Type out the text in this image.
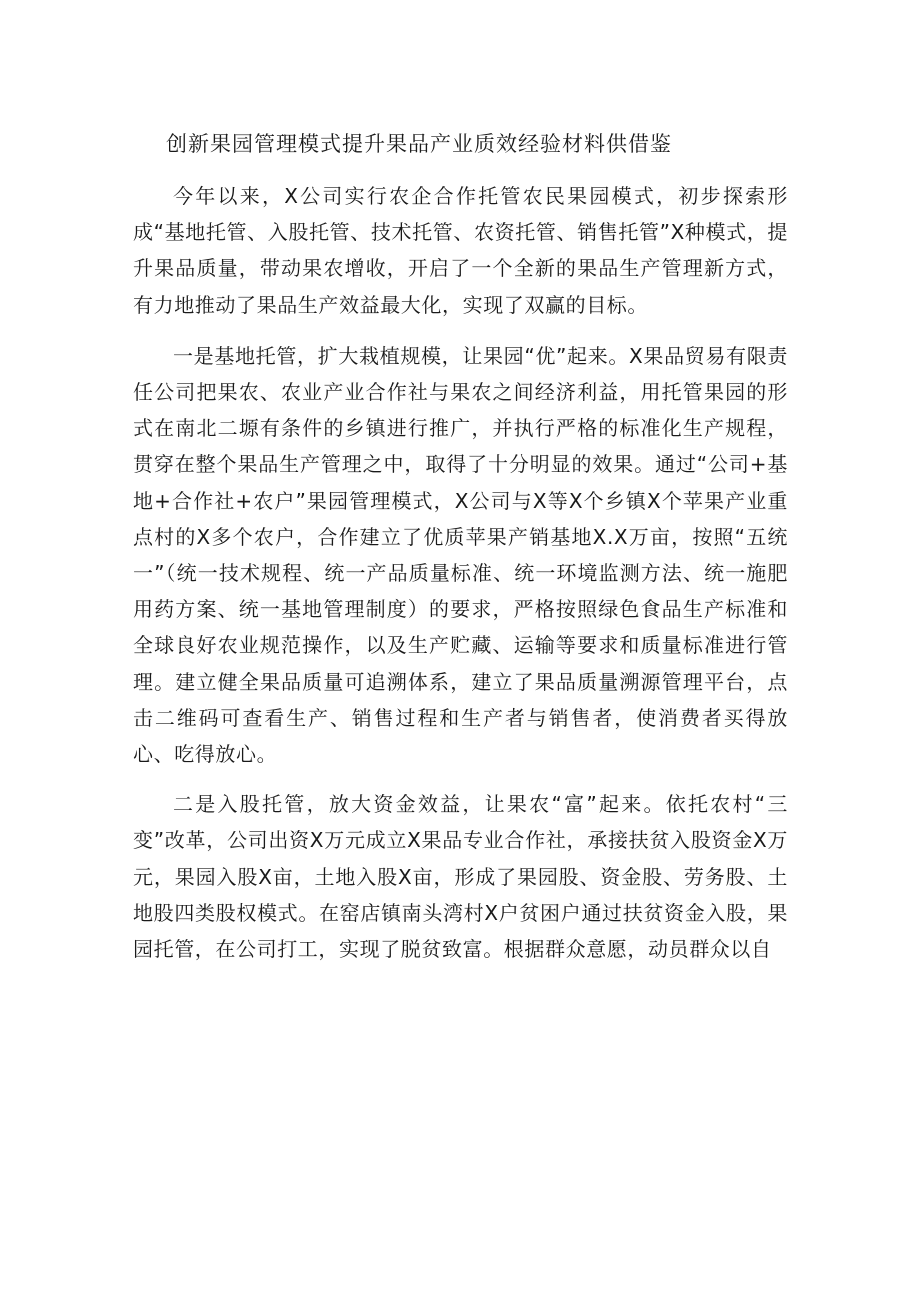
创新果园管理模式提升果品产业质效经验材料供借鉴

今年以来，X公司实行农企合作托管农民果园模式，初步探索形成“基地托管、入股托管、技术托管、农资托管、销售托管”X种模式，提升果品质量，带动果农增收，开启了一个全新的果品生产管理新方式，有力地推动了果品生产效益最大化，实现了双赢的目标。

一是基地托管，扩大栽植规模，让果园“优”起来。X果品贸易有限责任公司把果农、农业产业合作社与果农之间经济利益，用托管果园的形式在南北二塬有条件的乡镇进行推广，并执行严格的标准化生产规程，贯穿在整个果品生产管理之中，取得了十分明显的效果。通过“公司+基地+合作社+农户”果园管理模式，X公司与X等X个乡镇X个苹果产业重点村的X多个农户，合作建立了优质苹果产销基地X.X万亩，按照“五统一”（统一技术规程、统一产品质量标准、统一环境监测方法、统一施肥用药方案、统一基地管理制度）的要求，严格按照绿色食品生产标准和全球良好农业规范操作，以及生产贮藏、运输等要求和质量标准进行管理。建立健全果品质量可追溯体系，建立了果品质量溯源管理平台，点击二维码可查看生产、销售过程和生产者与销售者，使消费者买得放心、吃得放心。

二是入股托管，放大资金效益，让果农“富”起来。依托农村“三变”改革，公司出资X万元成立X果品专业合作社，承接扶贫入股资金X万元，果园入股X亩，土地入股X亩，形成了果园股、资金股、劳务股、土地股四类股权模式。在窑店镇南头湾村X户贫困户通过扶贫资金入股，果园托管，在公司打工，实现了脱贫致富。根据群众意愿，动员群众以自
